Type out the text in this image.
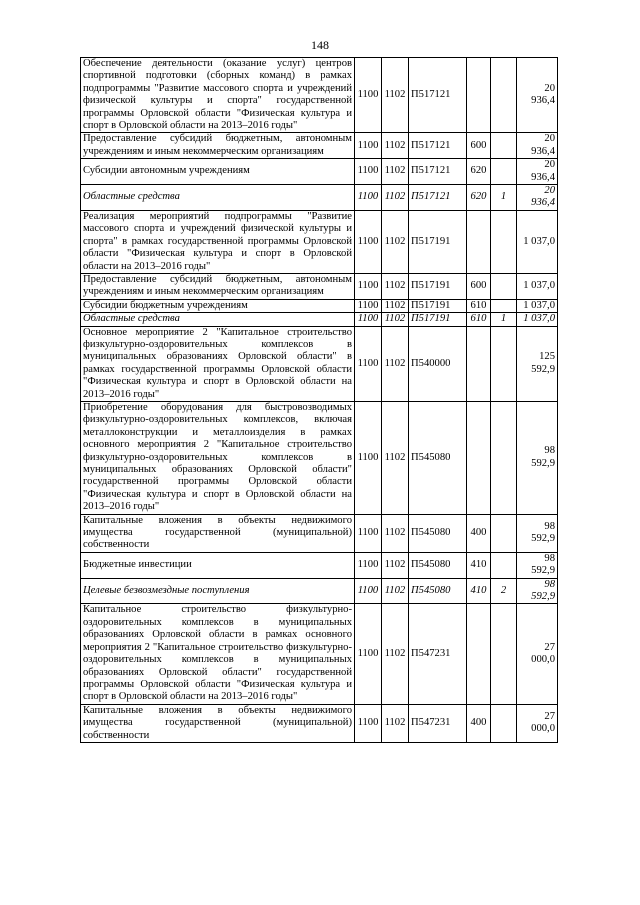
148
Обеспечение деятельности (оказание услуг) центров спортивной подготовки (сборных команд) в рамках подпрограммы "Развитие массового спорта и учреждений физической культуры и спорта" государственной программы Орловской области "Физическая культура и спорт в Орловской области на 2013–2016 годы"	1100	1102	П517121			20 936,4
Предоставление субсидий бюджетным, автономным учреждениям и иным некоммерческим организациям	1100	1102	П517121	600		20 936,4
Субсидии автономным учреждениям	1100	1102	П517121	620		20 936,4
Областные средства	1100	1102	П517121	620	1	20 936,4
Реализация мероприятий подпрограммы "Развитие массового спорта и учреждений физической культуры и спорта" в рамках государственной программы Орловской области "Физическая культура и спорт в Орловской области на 2013–2016 годы"	1100	1102	П517191			1 037,0
Предоставление субсидий бюджетным, автономным учреждениям и иным некоммерческим организациям	1100	1102	П517191	600		1 037,0
Субсидии бюджетным учреждениям	1100	1102	П517191	610		1 037,0
Областные средства	1100	1102	П517191	610	1	1 037,0
Основное мероприятие 2 "Капитальное строительство физкультурно-оздоровительных комплексов в муниципальных образованиях Орловской области" в рамках государственной программы Орловской области "Физическая культура и спорт в Орловской области на 2013–2016 годы"	1100	1102	П540000			125 592,9
Приобретение оборудования для быстровозводимых физкультурно-оздоровительных комплексов, включая металлоконструкции и металлоизделия в рамках основного мероприятия 2 "Капитальное строительство физкультурно-оздоровительных комплексов в муниципальных образованиях Орловской области" государственной программы Орловской области "Физическая культура и спорт в Орловской области на 2013–2016 годы"	1100	1102	П545080			98 592,9
Капитальные вложения в объекты недвижимого имущества государственной (муниципальной) собственности	1100	1102	П545080	400		98 592,9
Бюджетные инвестиции	1100	1102	П545080	410		98 592,9
Целевые безвозмездные поступления	1100	1102	П545080	410	2	98 592,9
Капитальное строительство физкультурно-оздоровительных комплексов в муниципальных образованиях Орловской области в рамках основного мероприятия 2 "Капитальное строительство физкультурно-оздоровительных комплексов в муниципальных образованиях Орловской области" государственной программы Орловской области "Физическая культура и спорт в Орловской области на 2013–2016 годы"	1100	1102	П547231			27 000,0
Капитальные вложения в объекты недвижимого имущества государственной (муниципальной) собственности	1100	1102	П547231	400		27 000,0
